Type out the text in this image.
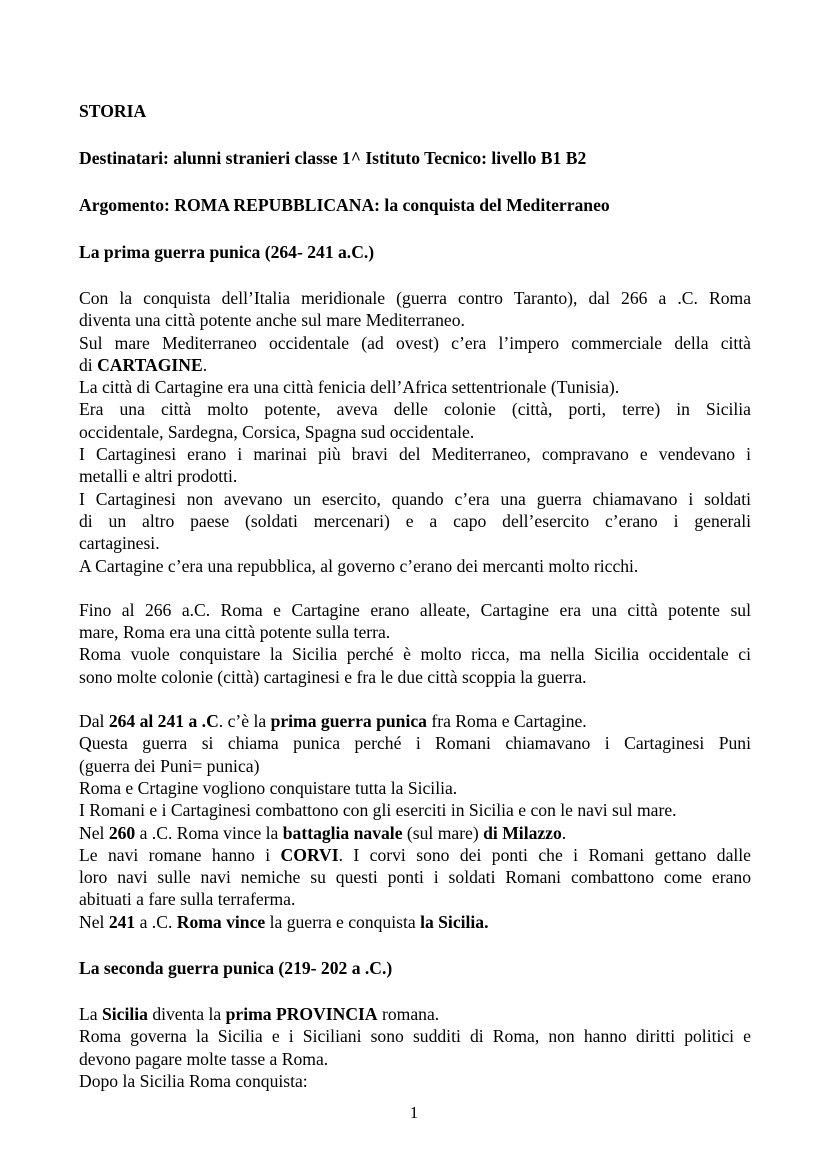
STORIA

Destinatari: alunni stranieri classe 1^ Istituto Tecnico: livello B1 B2

Argomento: ROMA REPUBBLICANA: la conquista del Mediterraneo

La prima guerra punica (264- 241 a.C.)

Con la conquista dell’Italia meridionale (guerra contro Taranto), dal 266 a .C. Roma
diventa una città potente anche sul mare Mediterraneo.
Sul mare Mediterraneo occidentale (ad ovest) c’era l’impero commerciale della città
di CARTAGINE.
La città di Cartagine era una città fenicia dell’Africa settentrionale (Tunisia).
Era una città molto potente, aveva delle colonie (città, porti, terre) in Sicilia
occidentale, Sardegna, Corsica, Spagna sud occidentale.
I Cartaginesi erano i marinai più bravi del Mediterraneo, compravano e vendevano i
metalli e altri prodotti.
I Cartaginesi non avevano un esercito, quando c’era una guerra chiamavano i soldati
di un altro paese (soldati mercenari) e a capo dell’esercito c’erano i generali
cartaginesi.
A Cartagine c’era una repubblica, al governo c’erano dei mercanti molto ricchi.
Fino al 266 a.C. Roma e Cartagine erano alleate, Cartagine era una città potente sul
mare, Roma era una città potente sulla terra.
Roma vuole conquistare la Sicilia perché è molto ricca, ma nella Sicilia occidentale ci
sono molte colonie (città) cartaginesi e fra le due città scoppia la guerra.
Dal 264 al 241 a .C. c’è la prima guerra punica fra Roma e Cartagine.
Questa guerra si chiama punica perché i Romani chiamavano i Cartaginesi Puni
(guerra dei Puni= punica)
Roma e Crtagine vogliono conquistare tutta la Sicilia.
I Romani e i Cartaginesi combattono con gli eserciti in Sicilia e con le navi sul mare.
Nel 260 a .C. Roma vince la battaglia navale (sul mare) di Milazzo.
Le navi romane hanno i CORVI. I corvi sono dei ponti che i Romani gettano dalle
loro navi sulle navi nemiche su questi ponti i soldati Romani combattono come erano
abituati a fare sulla terraferma.
Nel 241 a .C. Roma vince la guerra e conquista la Sicilia.

La seconda guerra punica (219- 202 a .C.)

La Sicilia diventa la prima PROVINCIA romana.
Roma governa la Sicilia e i Siciliani sono sudditi di Roma, non hanno diritti politici e
devono pagare molte tasse a Roma.
Dopo la Sicilia Roma conquista:
1
